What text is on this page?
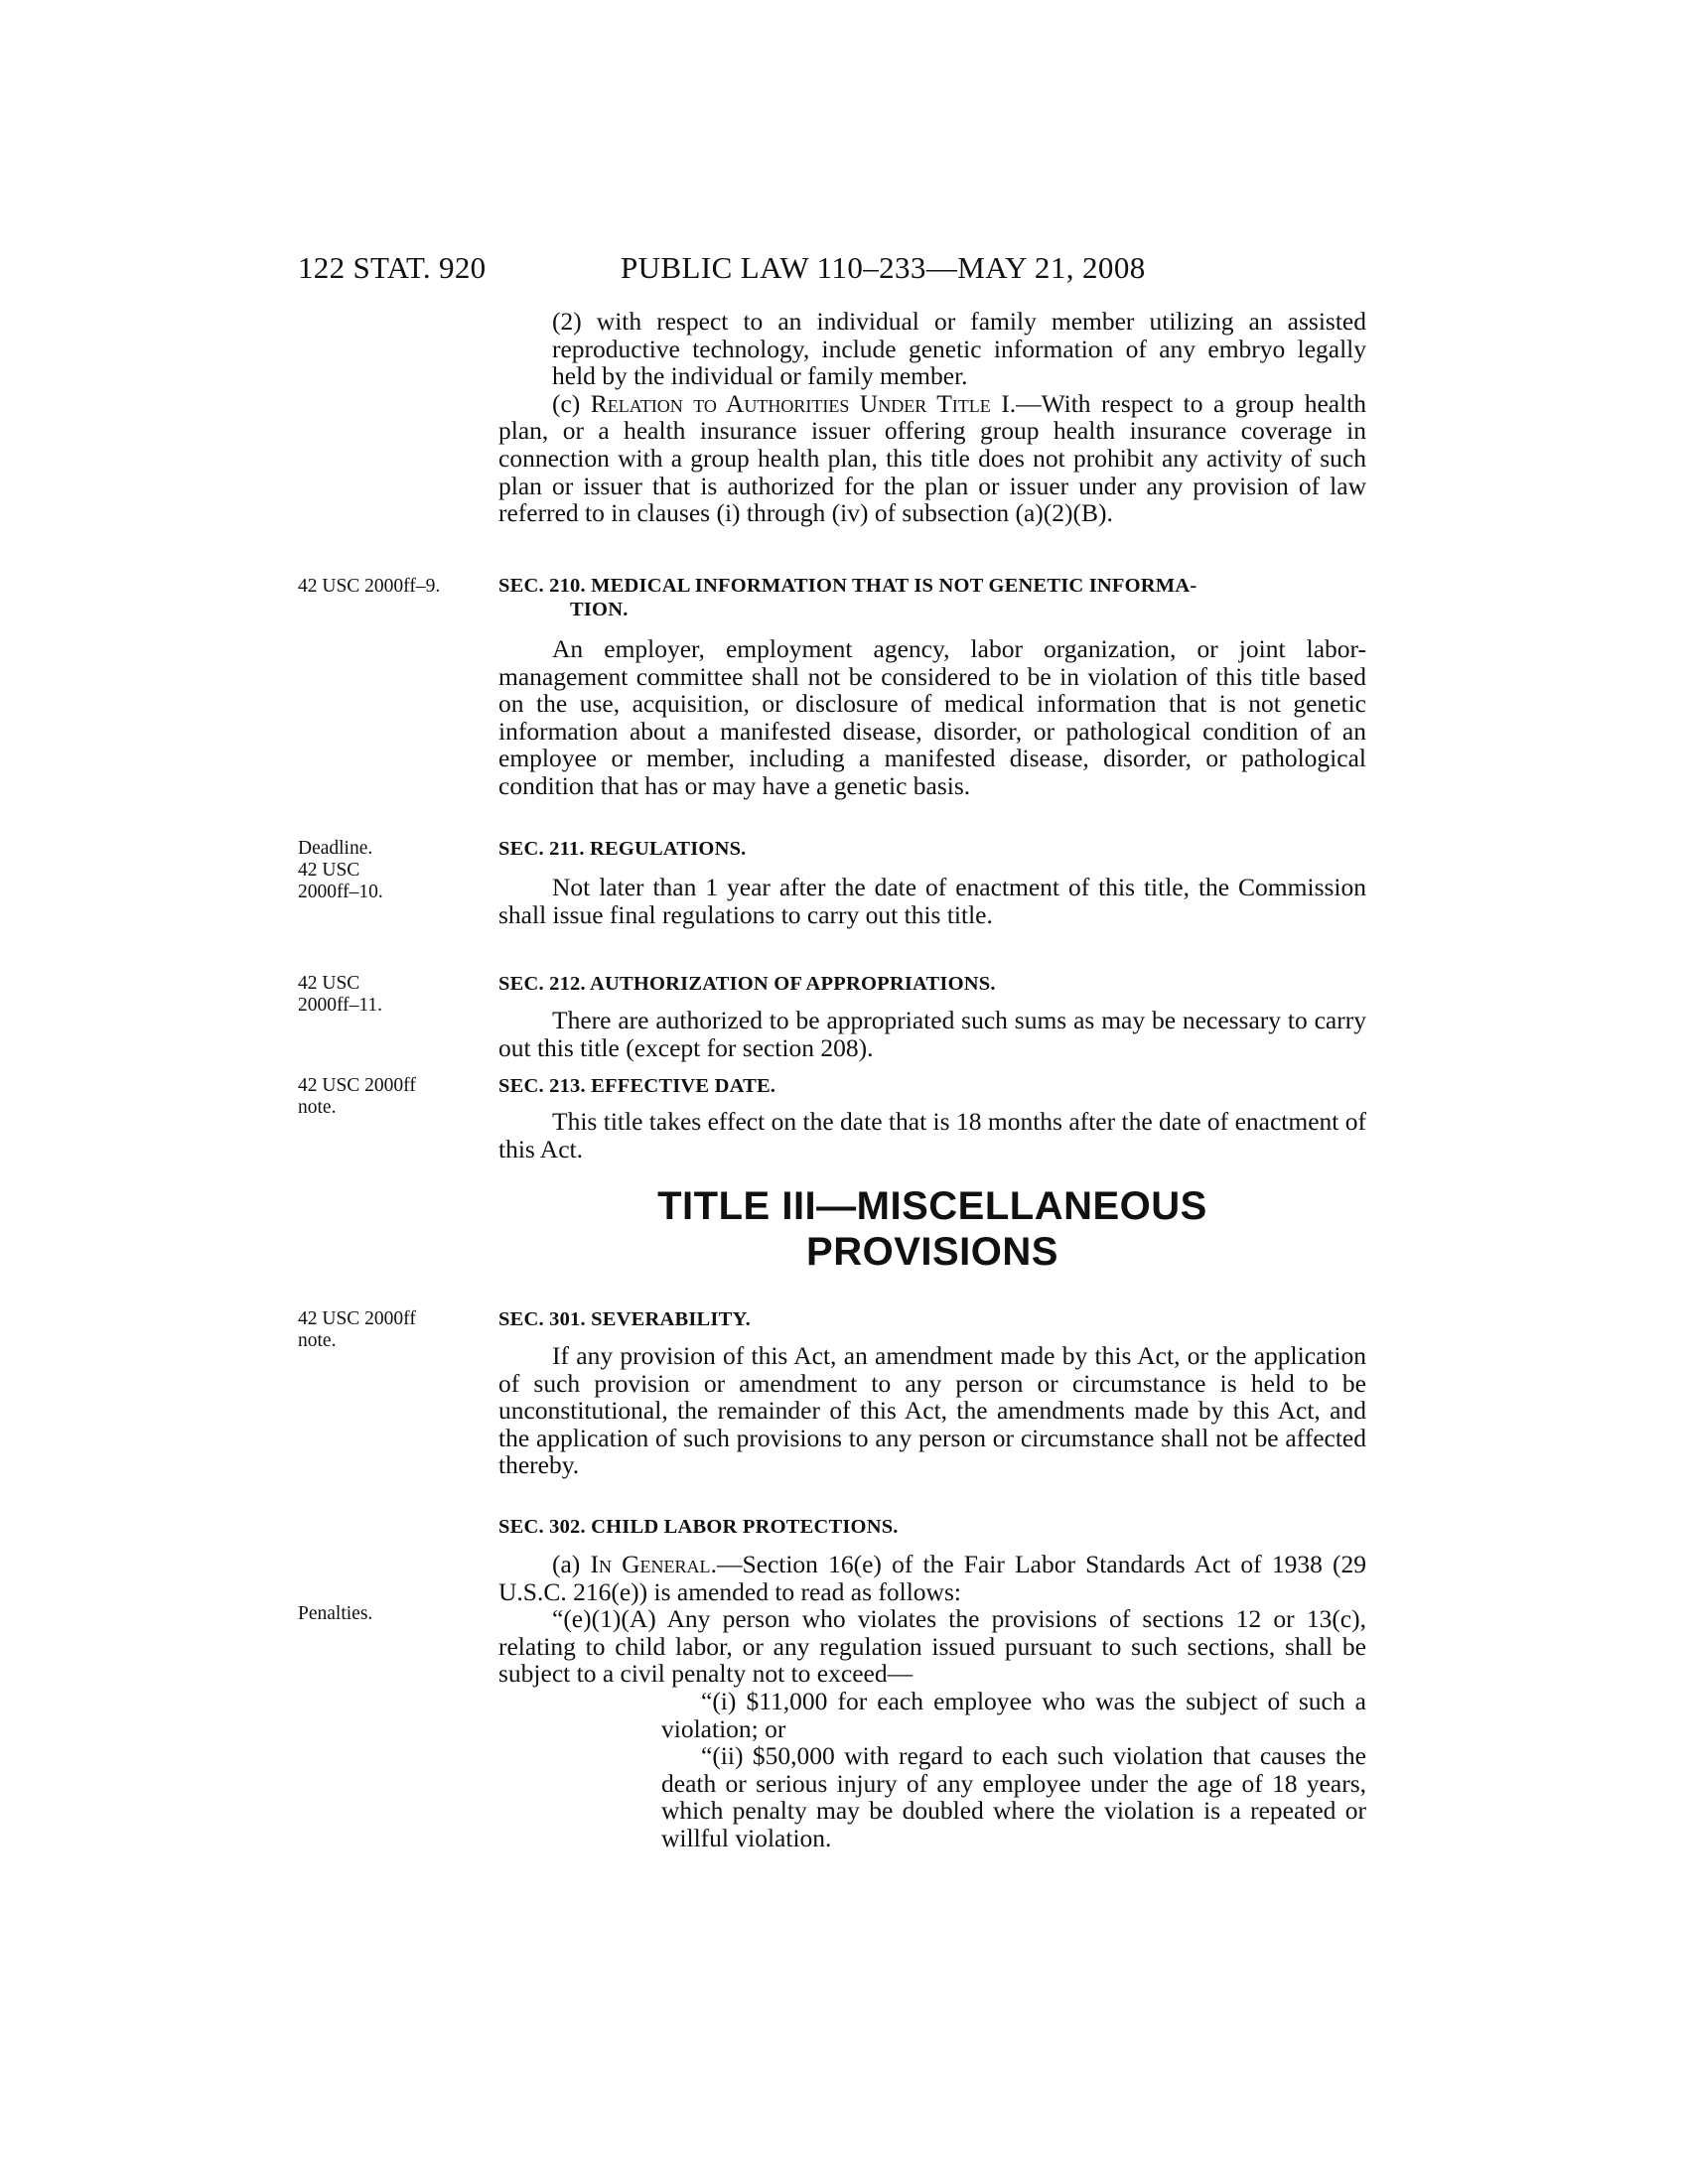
122 STAT. 920	PUBLIC LAW 110–233—MAY 21, 2008

(2) with respect to an individual or family member utilizing an assisted reproductive technology, include genetic information of any embryo legally held by the individual or family member.

(c) Relation to Authorities Under Title I.—With respect to a group health plan, or a health insurance issuer offering group health insurance coverage in connection with a group health plan, this title does not prohibit any activity of such plan or issuer that is authorized for the plan or issuer under any provision of law referred to in clauses (i) through (iv) of subsection (a)(2)(B).

42 USC 2000ff–9.	SEC. 210. MEDICAL INFORMATION THAT IS NOT GENETIC INFORMA-
TION.

An employer, employment agency, labor organization, or joint labor-management committee shall not be considered to be in violation of this title based on the use, acquisition, or disclosure of medical information that is not genetic information about a manifested disease, disorder, or pathological condition of an employee or member, including a manifested disease, disorder, or pathological condition that has or may have a genetic basis.

Deadline.
42 USC
2000ff–10.
SEC. 211. REGULATIONS.

Not later than 1 year after the date of enactment of this title, the Commission shall issue final regulations to carry out this title.

42 USC
2000ff–11.
SEC. 212. AUTHORIZATION OF APPROPRIATIONS.

There are authorized to be appropriated such sums as may be necessary to carry out this title (except for section 208).

42 USC 2000ff
note.
SEC. 213. EFFECTIVE DATE.

This title takes effect on the date that is 18 months after the date of enactment of this Act.

TITLE III—MISCELLANEOUS
PROVISIONS
42 USC 2000ff
note.
SEC. 301. SEVERABILITY.

If any provision of this Act, an amendment made by this Act, or the application of such provision or amendment to any person or circumstance is held to be unconstitutional, the remainder of this Act, the amendments made by this Act, and the application of such provisions to any person or circumstance shall not be affected thereby.

SEC. 302. CHILD LABOR PROTECTIONS.
Penalties.

(a) In General.—Section 16(e) of the Fair Labor Standards Act of 1938 (29 U.S.C. 216(e)) is amended to read as follows:

“(e)(1)(A) Any person who violates the provisions of sections 12 or 13(c), relating to child labor, or any regulation issued pursuant to such sections, shall be subject to a civil penalty not to exceed—

“(i) $11,000 for each employee who was the subject of such a violation; or

“(ii) $50,000 with regard to each such violation that causes the death or serious injury of any employee under the age of 18 years, which penalty may be doubled where the violation is a repeated or willful violation.
